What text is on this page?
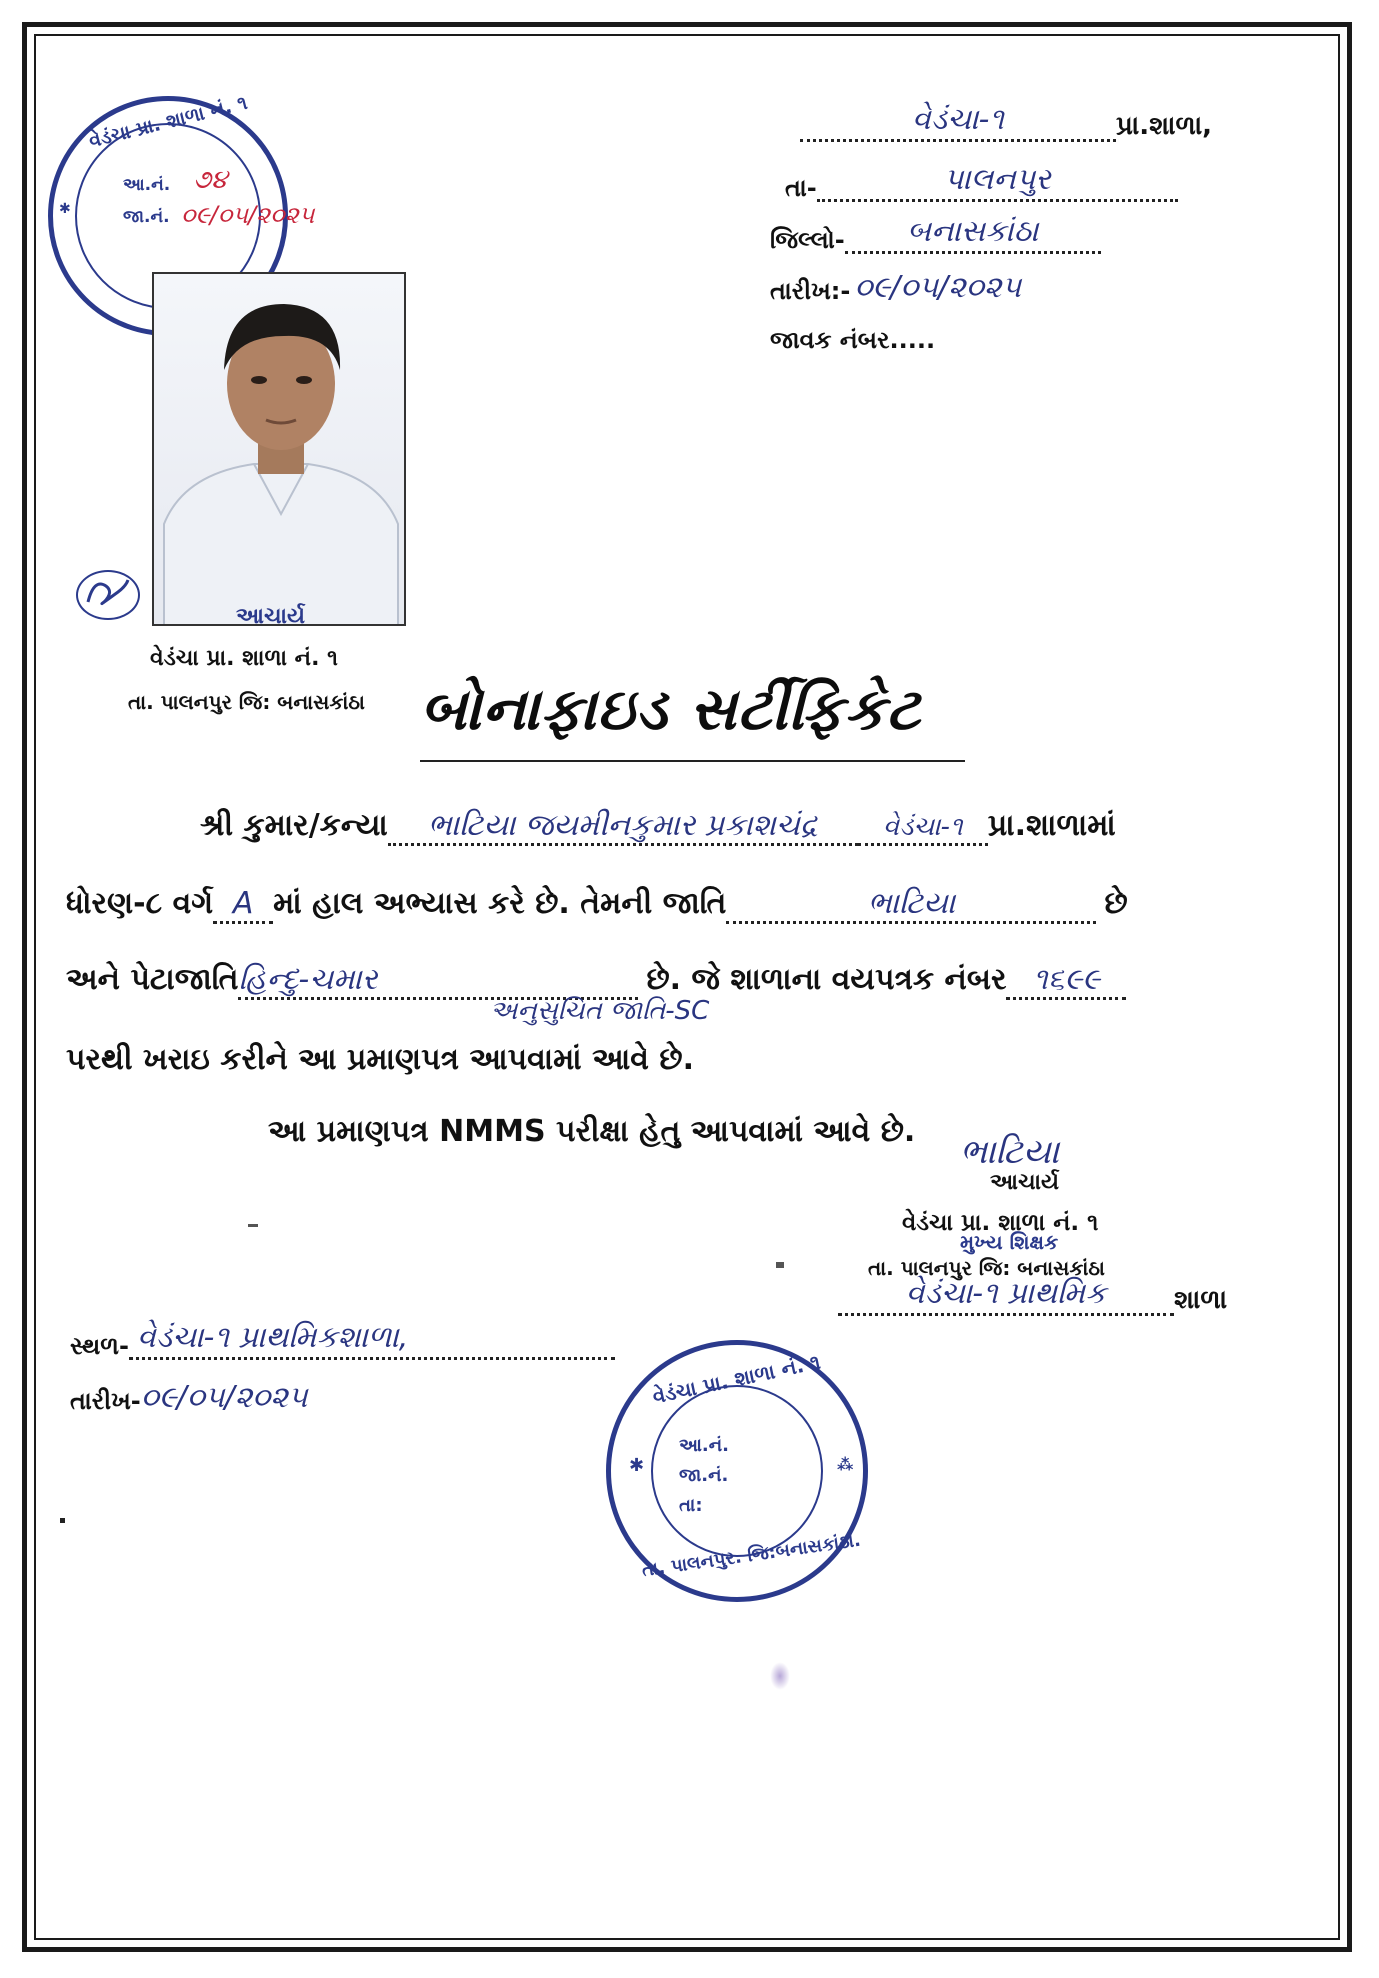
વેડંચા-૧	પ્રા.શાળા,
તા-	પાલનપુર
જિલ્લો-	બનાસકાંઠા
તારીખ:- ૦૯/૦૫/૨૦૨૫
જાવક નંબર.....
વેડંચા પ્રા. શાળા નં. ૧
આ.નં. ૭૪
જા.નં. ૦૯/૦૫/૨૦૨૫
✱
આચાર્ય
વેડંચા પ્રા. શાળા નં. ૧
તા. પાલનપુર જિ: બનાસકાંઠા બોનાફાઇડ સર્ટીફિકેટ
શ્રી કુમાર/કન્યા ભાટિયા જયમીનકુમાર પ્રકાશચંદ્ર	વેડંચા-૧ પ્રા.શાળામાં
ધોરણ-૮ વર્ગ A માં હાલ અભ્યાસ કરે છે. તેમની જાતિ	ભાટિયા	છે
અને પેટાજાતિહિન્દુ-ચમાર	છે. જે શાળાના વયપત્રક નંબર ૧૬૯૯
અનુસુચિત જાતિ-SC
પરથી ખરાઇ કરીને આ પ્રમાણપત્ર આપવામાં આવે છે.
આ પ્રમાણપત્ર NMMS પરીક્ષા હેતુ આપવામાં આવે છે.
ભાટિયા
આચાર્ય
વેડંચા પ્રા. શાળા નં. ૧
મુખ્ય શિક્ષક
તા. પાલનપુર જિ: બનાસકાંઠા
વેડંચા-૧ પ્રાથમિક	શાળા
સ્થળ- વેડંચા-૧ પ્રાથમિકશાળા,
તારીખ- ૦૯/૦૫/૨૦૨૫	વેડંચા પ્રા. શાળા નં. ૧
આ.નં.
જા.નં.
તા:
✱	⁂
તા. પાલનપુર. જિ:બનાસકાંઠા.
